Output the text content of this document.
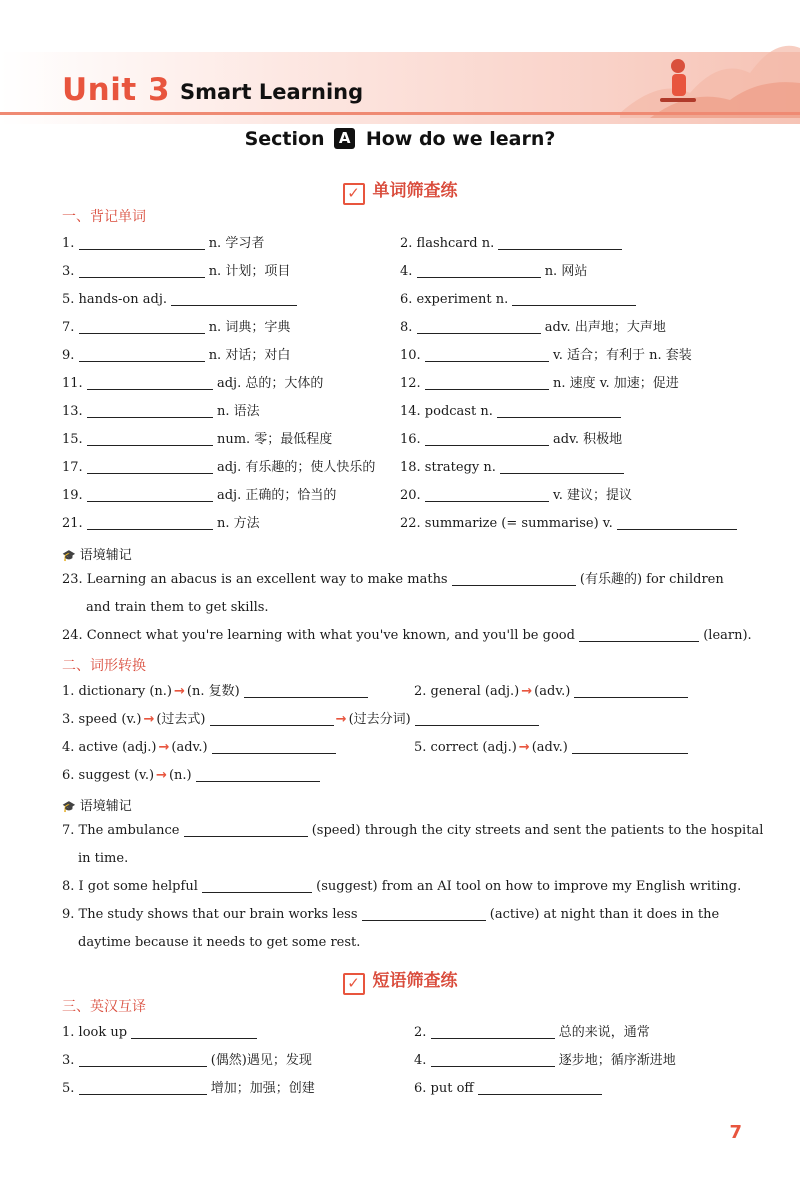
Unit 3 Smart Learning
Section A How do we learn?
✓ 单词筛查练
一、背记单词
1.	n. 学习者	2. flashcard n.
3.	n. 计划；项目	4.	n. 网站
5. hands-on adj.	6. experiment n.
7.	n. 词典；字典	8.	adv. 出声地；大声地
9.	n. 对话；对白	10.	v. 适合；有利于 n. 套装
11.	adj. 总的；大体的	12.	n. 速度 v. 加速；促进
13.	n. 语法	14. podcast n.
15.	num. 零；最低程度	16.	adv. 积极地
17.	adj. 有乐趣的；使人快乐的 18. strategy n.
19.	adj. 正确的；恰当的	20.	v. 建议；提议
21.	n. 方法	22. summarize (= summarise) v.
🎓 语境辅记
23. Learning an abacus is an excellent way to make maths	(有乐趣的) for children
and train them to get skills.
24. Connect what you're learning with what you've known, and you'll be good	(learn).
二、词形转换
1. dictionary (n.) → (n. 复数)	2. general (adj.) → (adv.)
3. speed (v.) → (过去式)	→ (过去分词)
4. active (adj.) → (adv.)	5. correct (adj.) → (adv.)
6. suggest (v.) → (n.)
🎓 语境辅记
7. The ambulance	(speed) through the city streets and sent the patients to the hospital
in time.
8. I got some helpful	(suggest) from an AI tool on how to improve my English writing.
9. The study shows that our brain works less	(active) at night than it does in the
daytime because it needs to get some rest.
✓ 短语筛查练
三、英汉互译
1. look up	2.	总的来说，通常
3.	(偶然)遇见；发现	4.	逐步地；循序渐进地
5.	增加；加强；创建	6. put off
7
